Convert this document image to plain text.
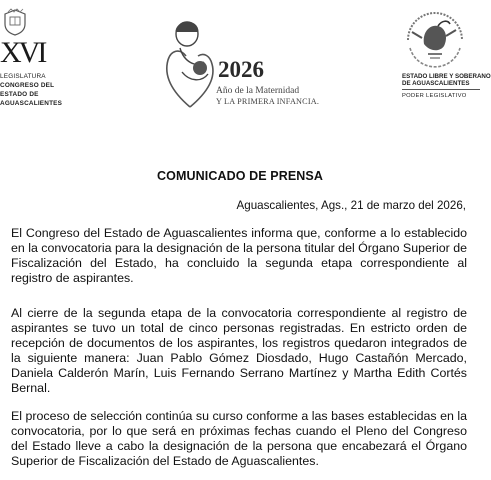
XVI
LEGISLATURA
CONGRESO DEL
ESTADO DE
AGUASCALIENTES
2026
Año de la Maternidad
Y LA PRIMERA INFANCIA.
ESTADO LIBRE Y SOBERANO
DE AGUASCALIENTES
PODER LEGISLATIVO
COMUNICADO DE PRENSA

Aguascalientes, Ags., 21 de marzo del 2026,

El Congreso del Estado de Aguascalientes informa que, conforme a lo establecido en la convocatoria para la designación de la persona titular del Órgano Superior de Fiscalización del Estado, ha concluido la segunda etapa correspondiente al registro de aspirantes.

Al cierre de la segunda etapa de la convocatoria correspondiente al registro de aspirantes se tuvo un total de cinco personas registradas. En estricto orden de recepción de documentos de los aspirantes, los registros quedaron integrados de la siguiente manera: Juan Pablo Gómez Diosdado, Hugo Castañón Mercado, Daniela Calderón Marín, Luis Fernando Serrano Martínez y Martha Edith Cortés Bernal.

El proceso de selección continúa su curso conforme a las bases establecidas en la convocatoria, por lo que será en próximas fechas cuando el Pleno del Congreso del Estado lleve a cabo la designación de la persona que encabezará el Órgano Superior de Fiscalización del Estado de Aguascalientes.
